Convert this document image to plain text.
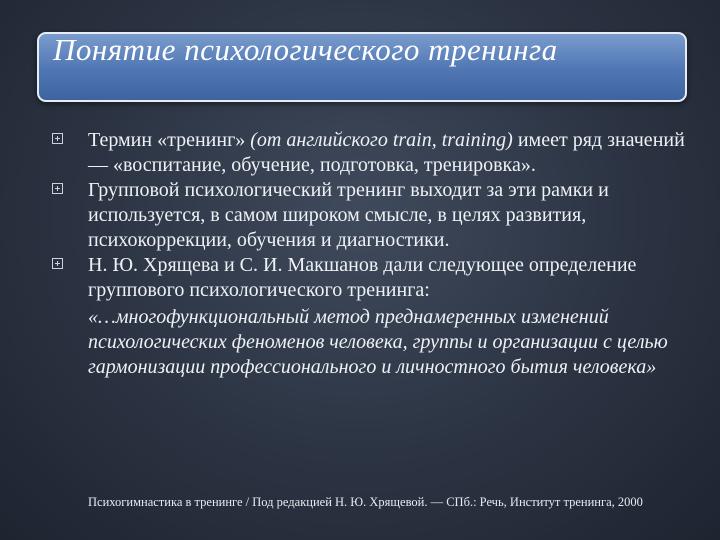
Понятие психологического тренинга
Термин «тренинг» (от английского train, training) имеет ряд значений — «воспитание, обучение, подготовка, тренировка».
Групповой психологический тренинг выходит за эти рамки и используется, в самом широком смысле, в целях развития, психокоррекции, обучения и диагностики.
Н. Ю. Хрящева и С. И. Макшанов дали следующее определение группового психологического тренинга:
«…многофункциональный метод преднамеренных изменений психологических феноменов человека, группы и организации с целью гармонизации профессионального и личностного бытия человека»
Психогимнастика в тренинге / Под редакцией Н. Ю. Хрящевой. — СПб.: Речь, Институт тренинга, 2000
